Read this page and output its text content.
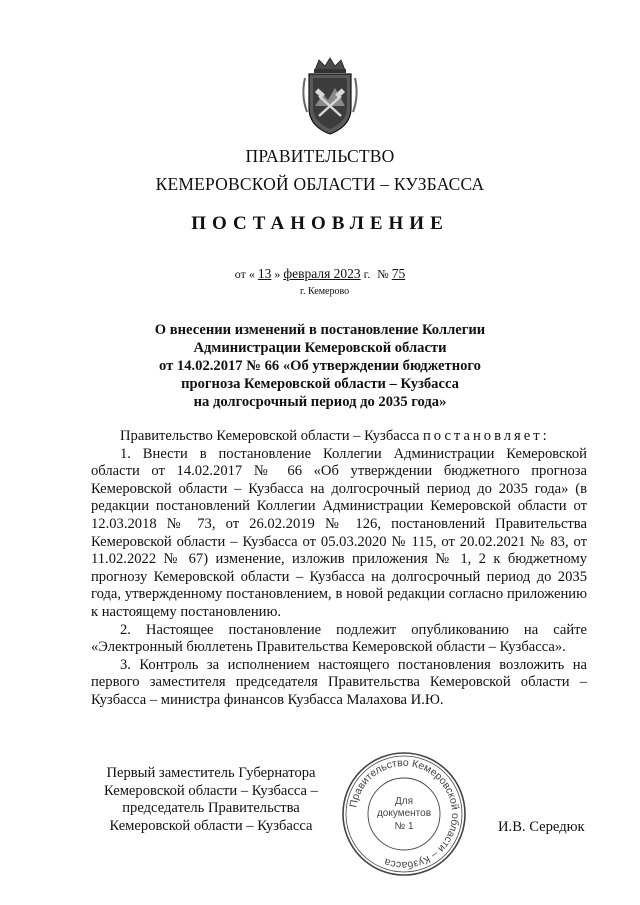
ПРАВИТЕЛЬСТВО
КЕМЕРОВСКОЙ ОБЛАСТИ – КУЗБАССА
ПОСТАНОВЛЕНИЕ
от « 13 » февраля 2023 г. № 75
г. Кемерово
О внесении изменений в постановление Коллегии
Администрации Кемеровской области
от 14.02.2017 № 66 «Об утверждении бюджетного
прогноза Кемеровской области – Кузбасса
на долгосрочный период до 2035 года»

Правительство Кемеровской области – Кузбасса постановляет:

1. Внести в постановление Коллегии Администрации Кемеровской области от 14.02.2017 № 66 «Об утверждении бюджетного прогноза Кемеровской области – Кузбасса на долгосрочный период до 2035 года» (в редакции постановлений Коллегии Администрации Кемеровской области от 12.03.2018 № 73, от 26.02.2019 № 126, постановлений Правительства Кемеровской области – Кузбасса от 05.03.2020 № 115, от 20.02.2021 № 83, от 11.02.2022 № 67) изменение, изложив приложения № 1, 2 к бюджетному прогнозу Кемеровской области – Кузбасса на долгосрочный период до 2035 года, утвержденному постановлением, в новой редакции согласно приложению к настоящему постановлению.

2. Настоящее постановление подлежит опубликованию на сайте «Электронный бюллетень Правительства Кемеровской области – Кузбасса».

3. Контроль за исполнением настоящего постановления возложить на первого заместителя председателя Правительства Кемеровской области – Кузбасса – министра финансов Кузбасса Малахова И.Ю.

Первый заместитель Губернатора
Кемеровской области – Кузбасса –
председатель Правительства
Кемеровской области – Кузбасса	И.В. Середюк
Правительство Кемеровской области – Кузбасса
Для
документов
№ 1
